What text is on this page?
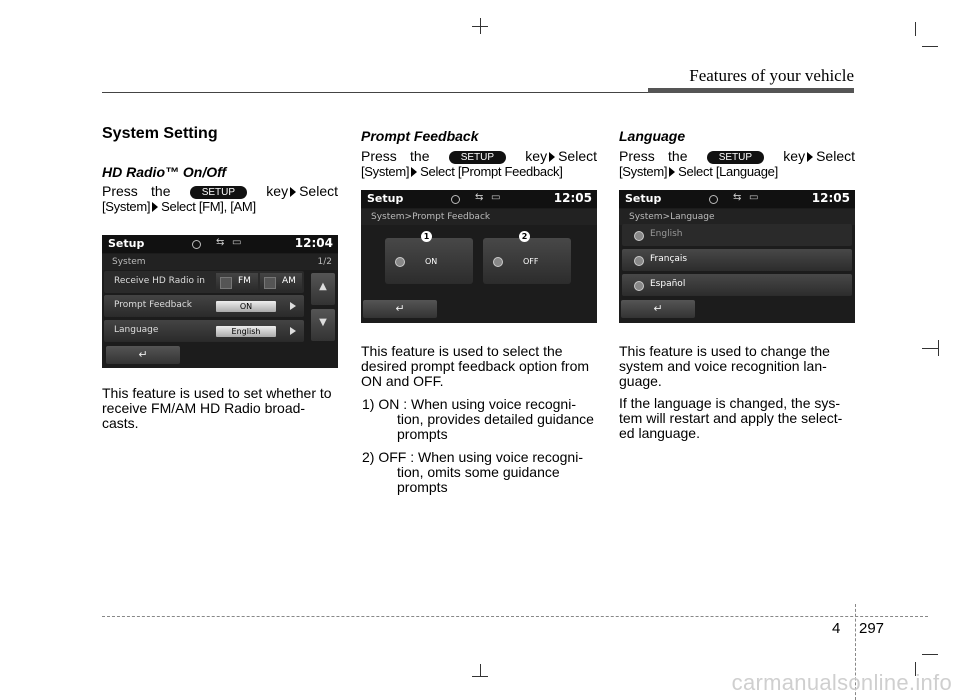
Features of your vehicle
System Setting
HD Radio™ On/Off

Press the	SETUP key Select

[System] Select [FM], [AM]

This feature is used to set whether to receive FM/AM HD Radio broad-casts.

Setup	⇆ ▭	12:04
System	1/2
Receive HD Radio in	FM	AM
Prompt Feedback	ON
Language	English
▲
▼
↵
Prompt Feedback

Press the	SETUP key Select

[System] Select [Prompt Feedback]

This feature is used to select the desired prompt feedback option from ON and OFF.

1) ON : When using voice recogni-tion, provides detailed guidance prompts

2) OFF : When using voice recogni-tion, omits some guidance prompts

Setup	⇆ ▭	12:05
System>Prompt Feedback
ON	OFF
1	2
↵
Language

Press the	SETUP key Select

[System] Select [Language]

This feature is used to change the system and voice recognition lan-guage.

If the language is changed, the sys-tem will restart and apply the select-ed language.

Setup	⇆ ▭	12:05
System>Language
English
Français
Español
↵
4 297
carmanualsonline.info
